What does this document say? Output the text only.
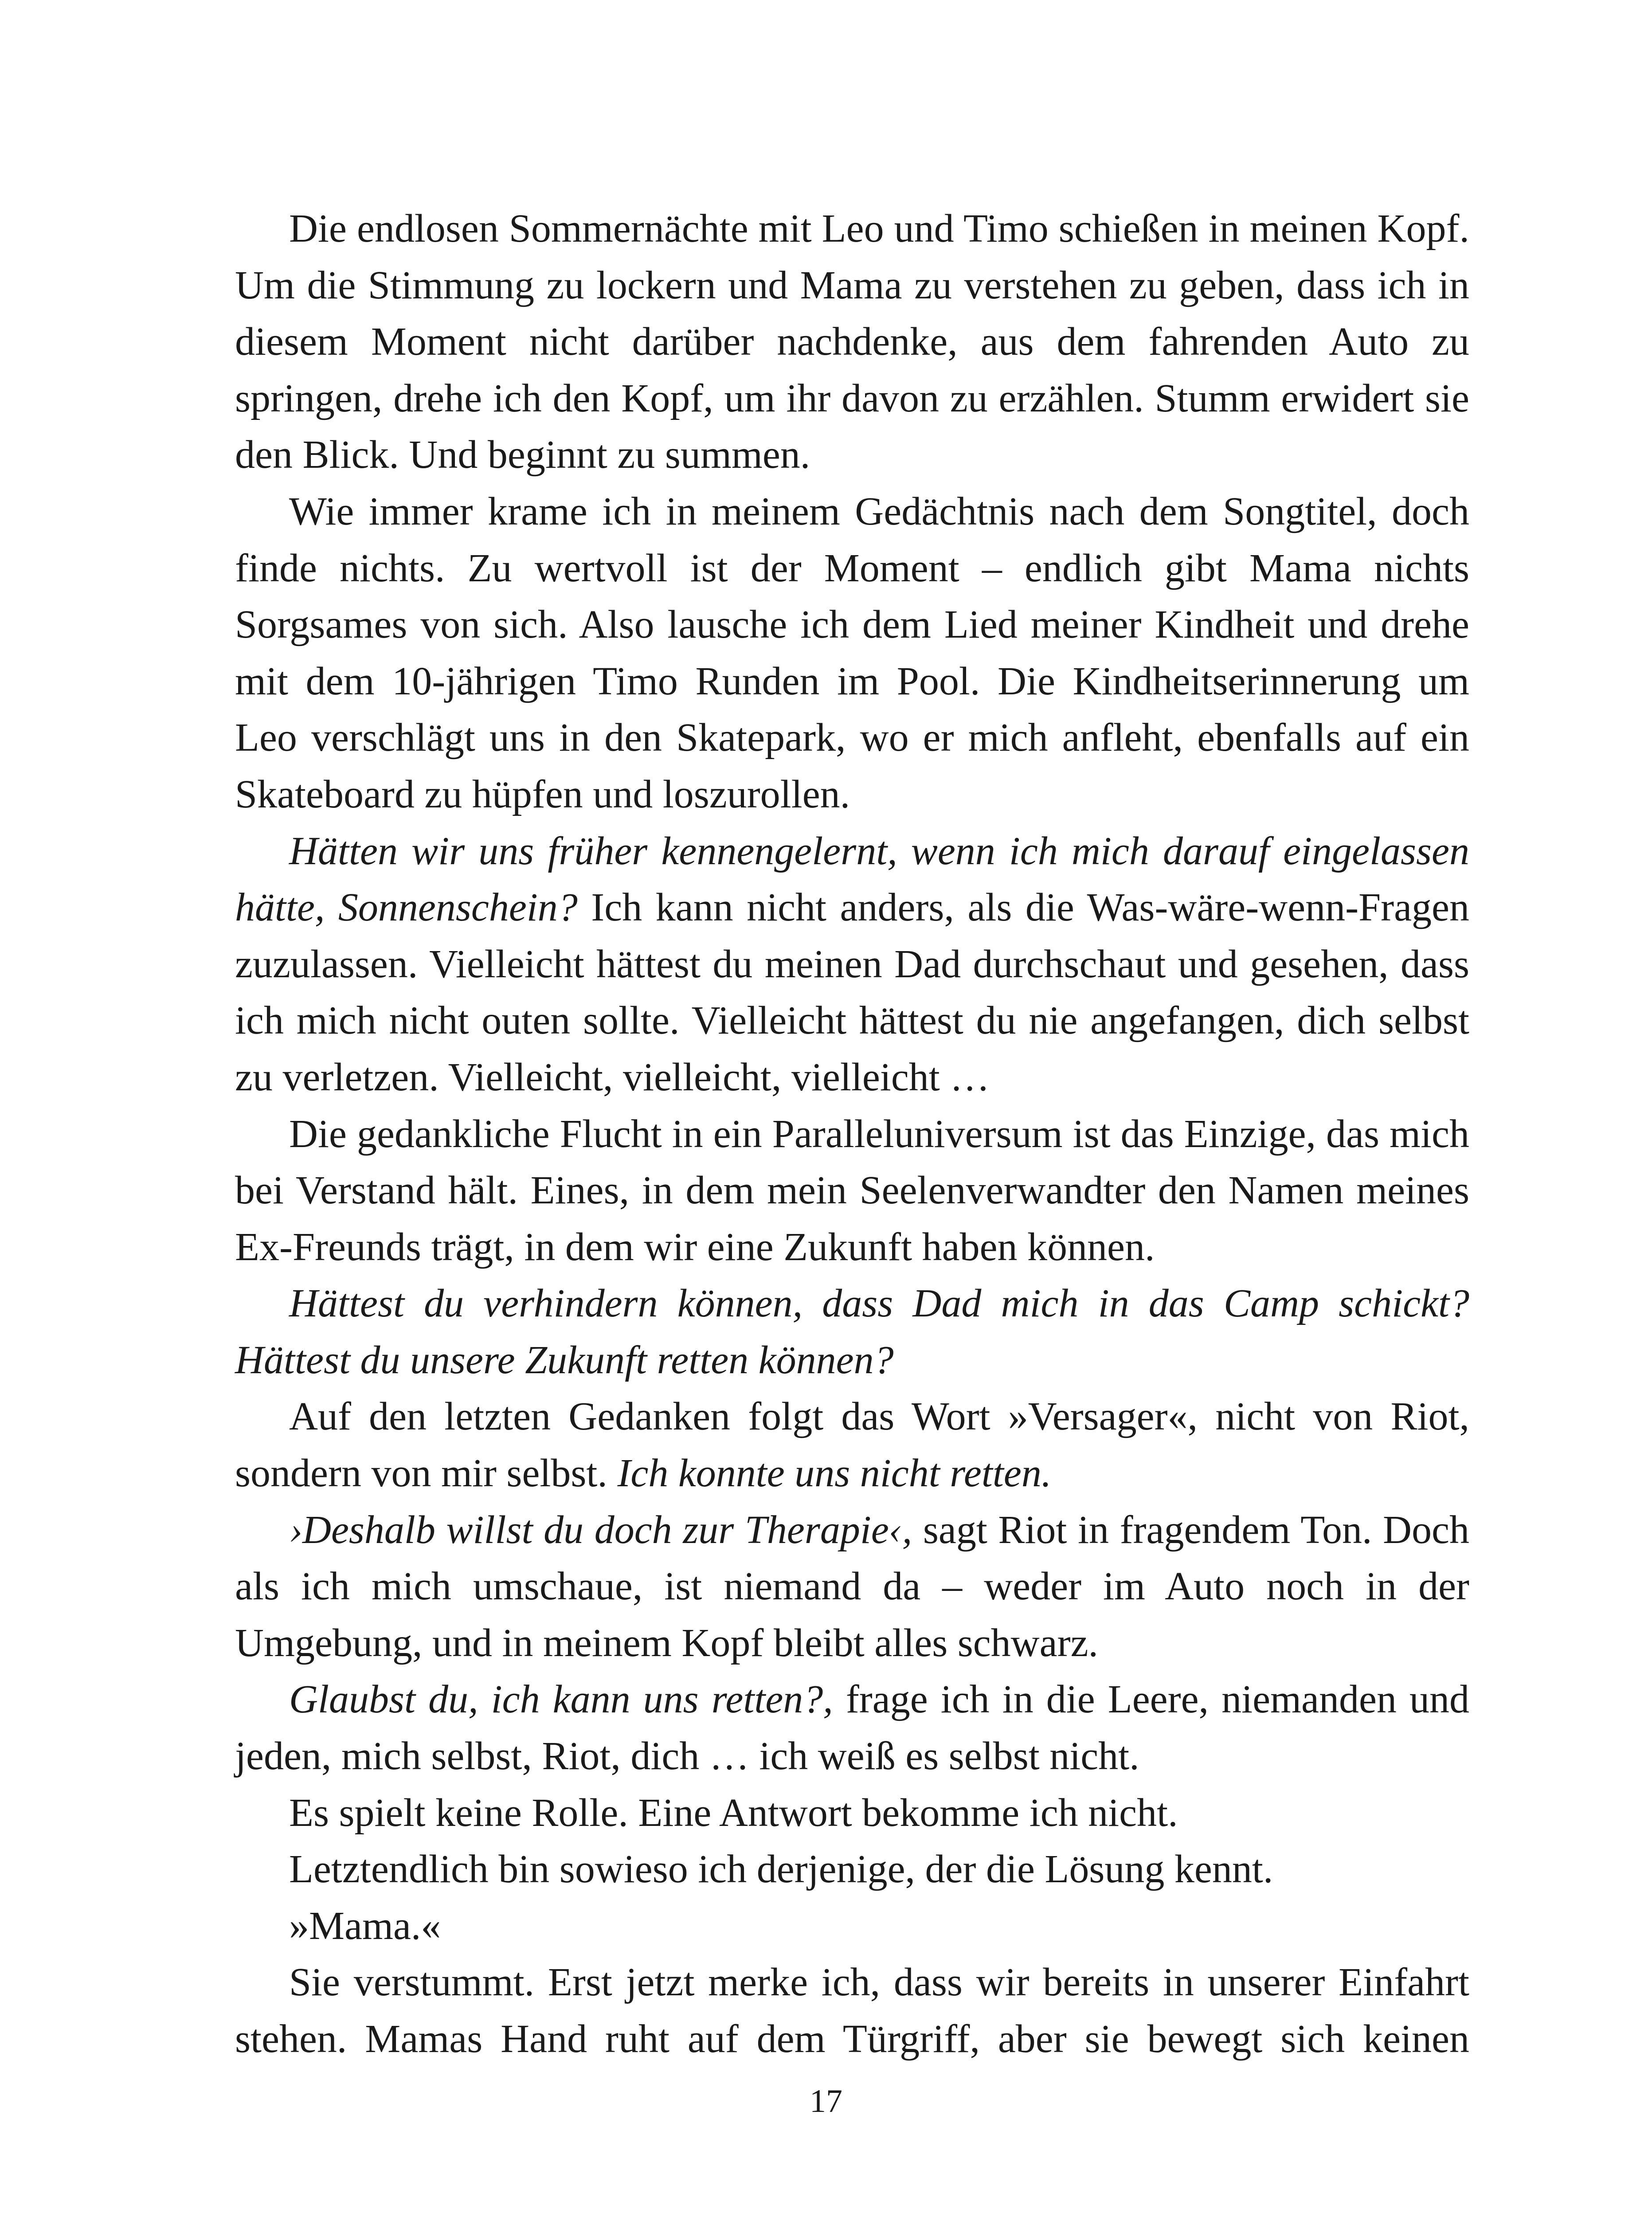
Die endlosen Sommernächte mit Leo und Timo schießen in meinen Kopf. Um die Stimmung zu lockern und Mama zu verstehen zu geben, dass ich in diesem Moment nicht darüber nachdenke, aus dem fahrenden Auto zu springen, drehe ich den Kopf, um ihr davon zu erzählen. Stumm erwidert sie den Blick. Und beginnt zu summen.

Wie immer krame ich in meinem Gedächtnis nach dem Songtitel, doch finde nichts. Zu wertvoll ist der Moment – endlich gibt Mama nichts Sorgsames von sich. Also lausche ich dem Lied meiner Kindheit und drehe mit dem 10-jährigen Timo Runden im Pool. Die Kindheitserinnerung um Leo verschlägt uns in den Skatepark, wo er mich anfleht, ebenfalls auf ein Skateboard zu hüpfen und loszurollen.

Hätten wir uns früher kennengelernt, wenn ich mich darauf eingelassen hätte, Sonnenschein? Ich kann nicht anders, als die Was-wäre-wenn-Fragen zuzulassen. Vielleicht hättest du meinen Dad durchschaut und gesehen, dass ich mich nicht outen sollte. Vielleicht hättest du nie angefangen, dich selbst zu verletzen. Vielleicht, vielleicht, vielleicht …

Die gedankliche Flucht in ein Paralleluniversum ist das Einzige, das mich bei Verstand hält. Eines, in dem mein Seelenverwandter den Namen meines Ex-Freunds trägt, in dem wir eine Zukunft haben können.

Hättest du verhindern können, dass Dad mich in das Camp schickt? Hättest du unsere Zukunft retten können?

Auf den letzten Gedanken folgt das Wort »Versager«, nicht von Riot, sondern von mir selbst. Ich konnte uns nicht retten.

›Deshalb willst du doch zur Therapie‹, sagt Riot in fragendem Ton. Doch als ich mich umschaue, ist niemand da – weder im Auto noch in der Umgebung, und in meinem Kopf bleibt alles schwarz.

Glaubst du, ich kann uns retten?, frage ich in die Leere, niemanden und jeden, mich selbst, Riot, dich … ich weiß es selbst nicht.

Es spielt keine Rolle. Eine Antwort bekomme ich nicht.

Letztendlich bin sowieso ich derjenige, der die Lösung kennt.

»Mama.«

Sie verstummt. Erst jetzt merke ich, dass wir bereits in unserer Einfahrt stehen. Mamas Hand ruht auf dem Türgriff, aber sie bewegt sich keinen

17
